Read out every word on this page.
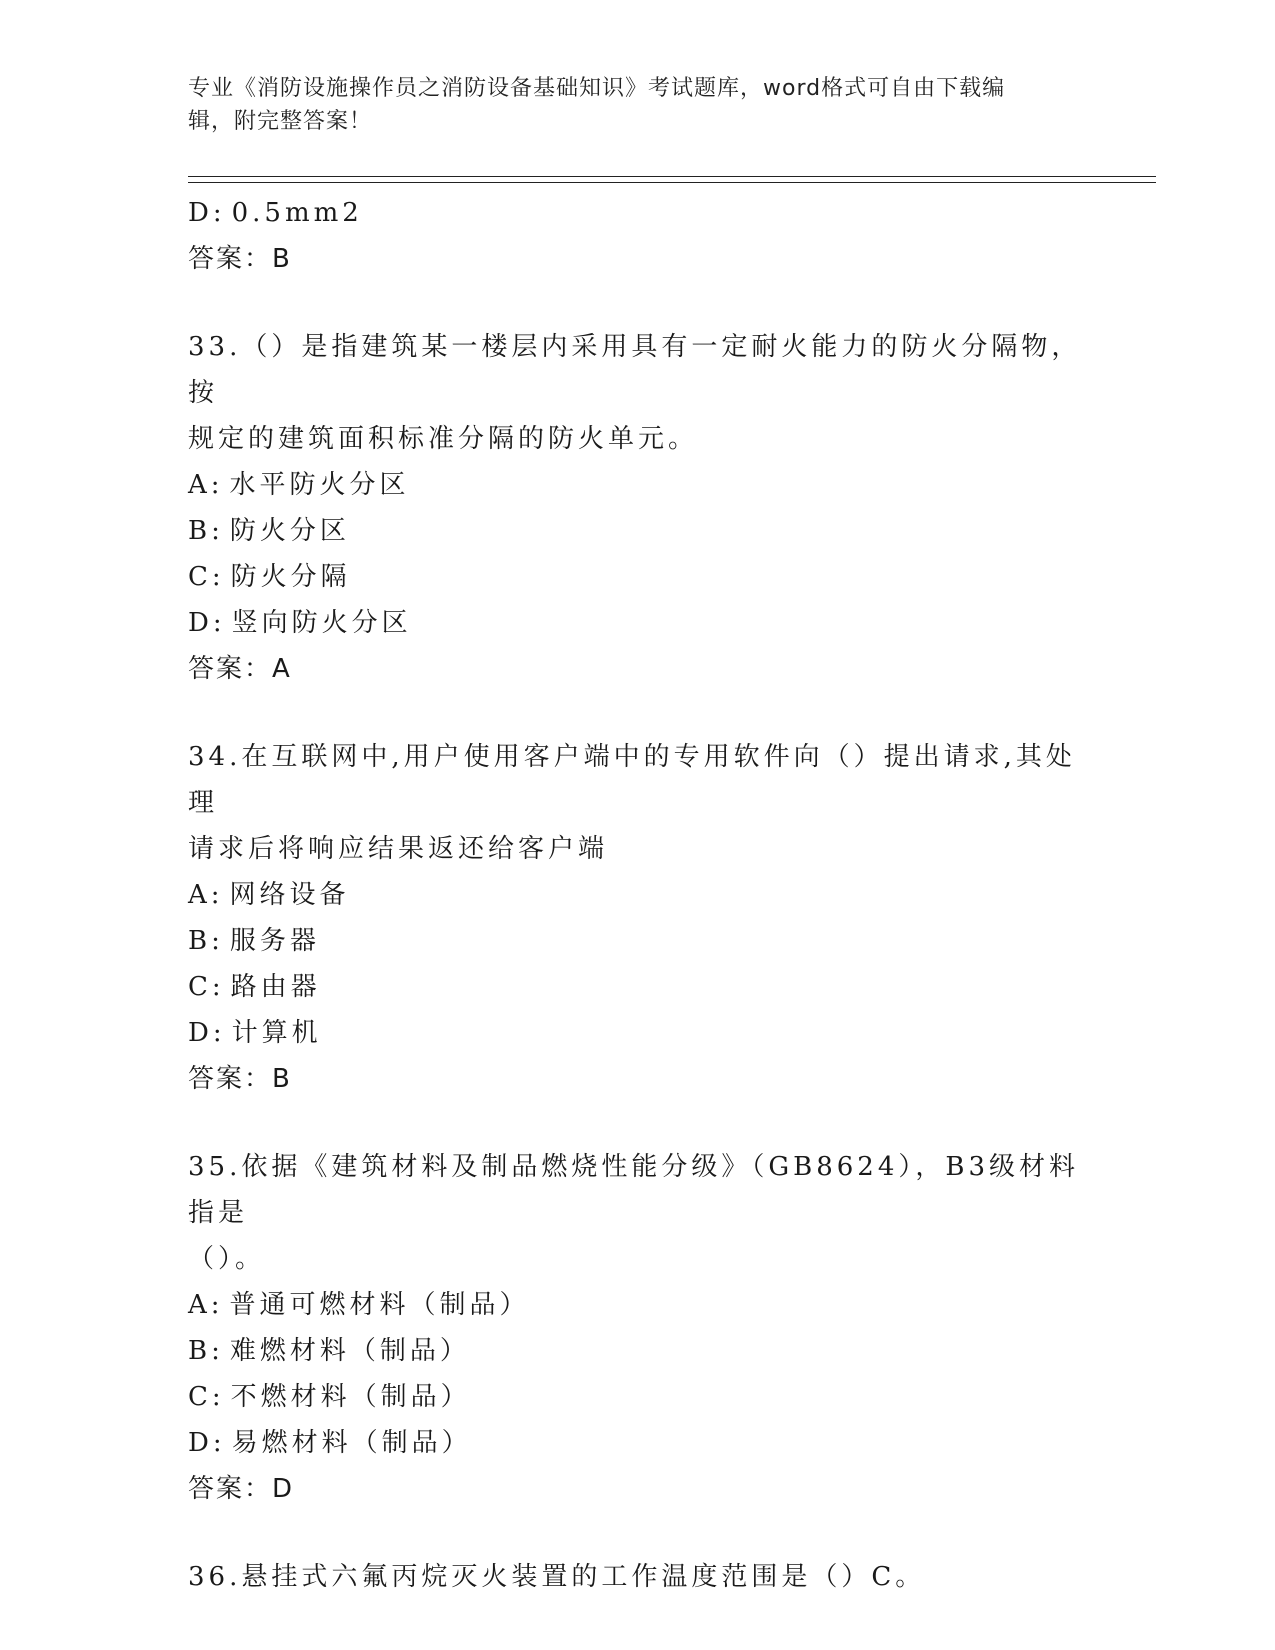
专业《消防设施操作员之消防设备基础知识》考试题库，word格式可自由下载编
辑，附完整答案！
D: 0.5mm2
答案：B
33.（）是指建筑某一楼层内采用具有一定耐火能力的防火分隔物，按
规定的建筑面积标准分隔的防火单元。
A: 水平防火分区
B: 防火分区
C: 防火分隔
D: 竖向防火分区
答案：A
34.在互联网中,用户使用客户端中的专用软件向（）提出请求,其处理
请求后将响应结果返还给客户端
A: 网络设备
B: 服务器
C: 路由器
D: 计算机
答案：B
35.依据《建筑材料及制品燃烧性能分级》（GB8624），B3级材料指是
（）。
A: 普通可燃材料（制品）
B: 难燃材料（制品）
C: 不燃材料（制品）
D: 易燃材料（制品）
答案：D
36.悬挂式六氟丙烷灭火装置的工作温度范围是（）C。
